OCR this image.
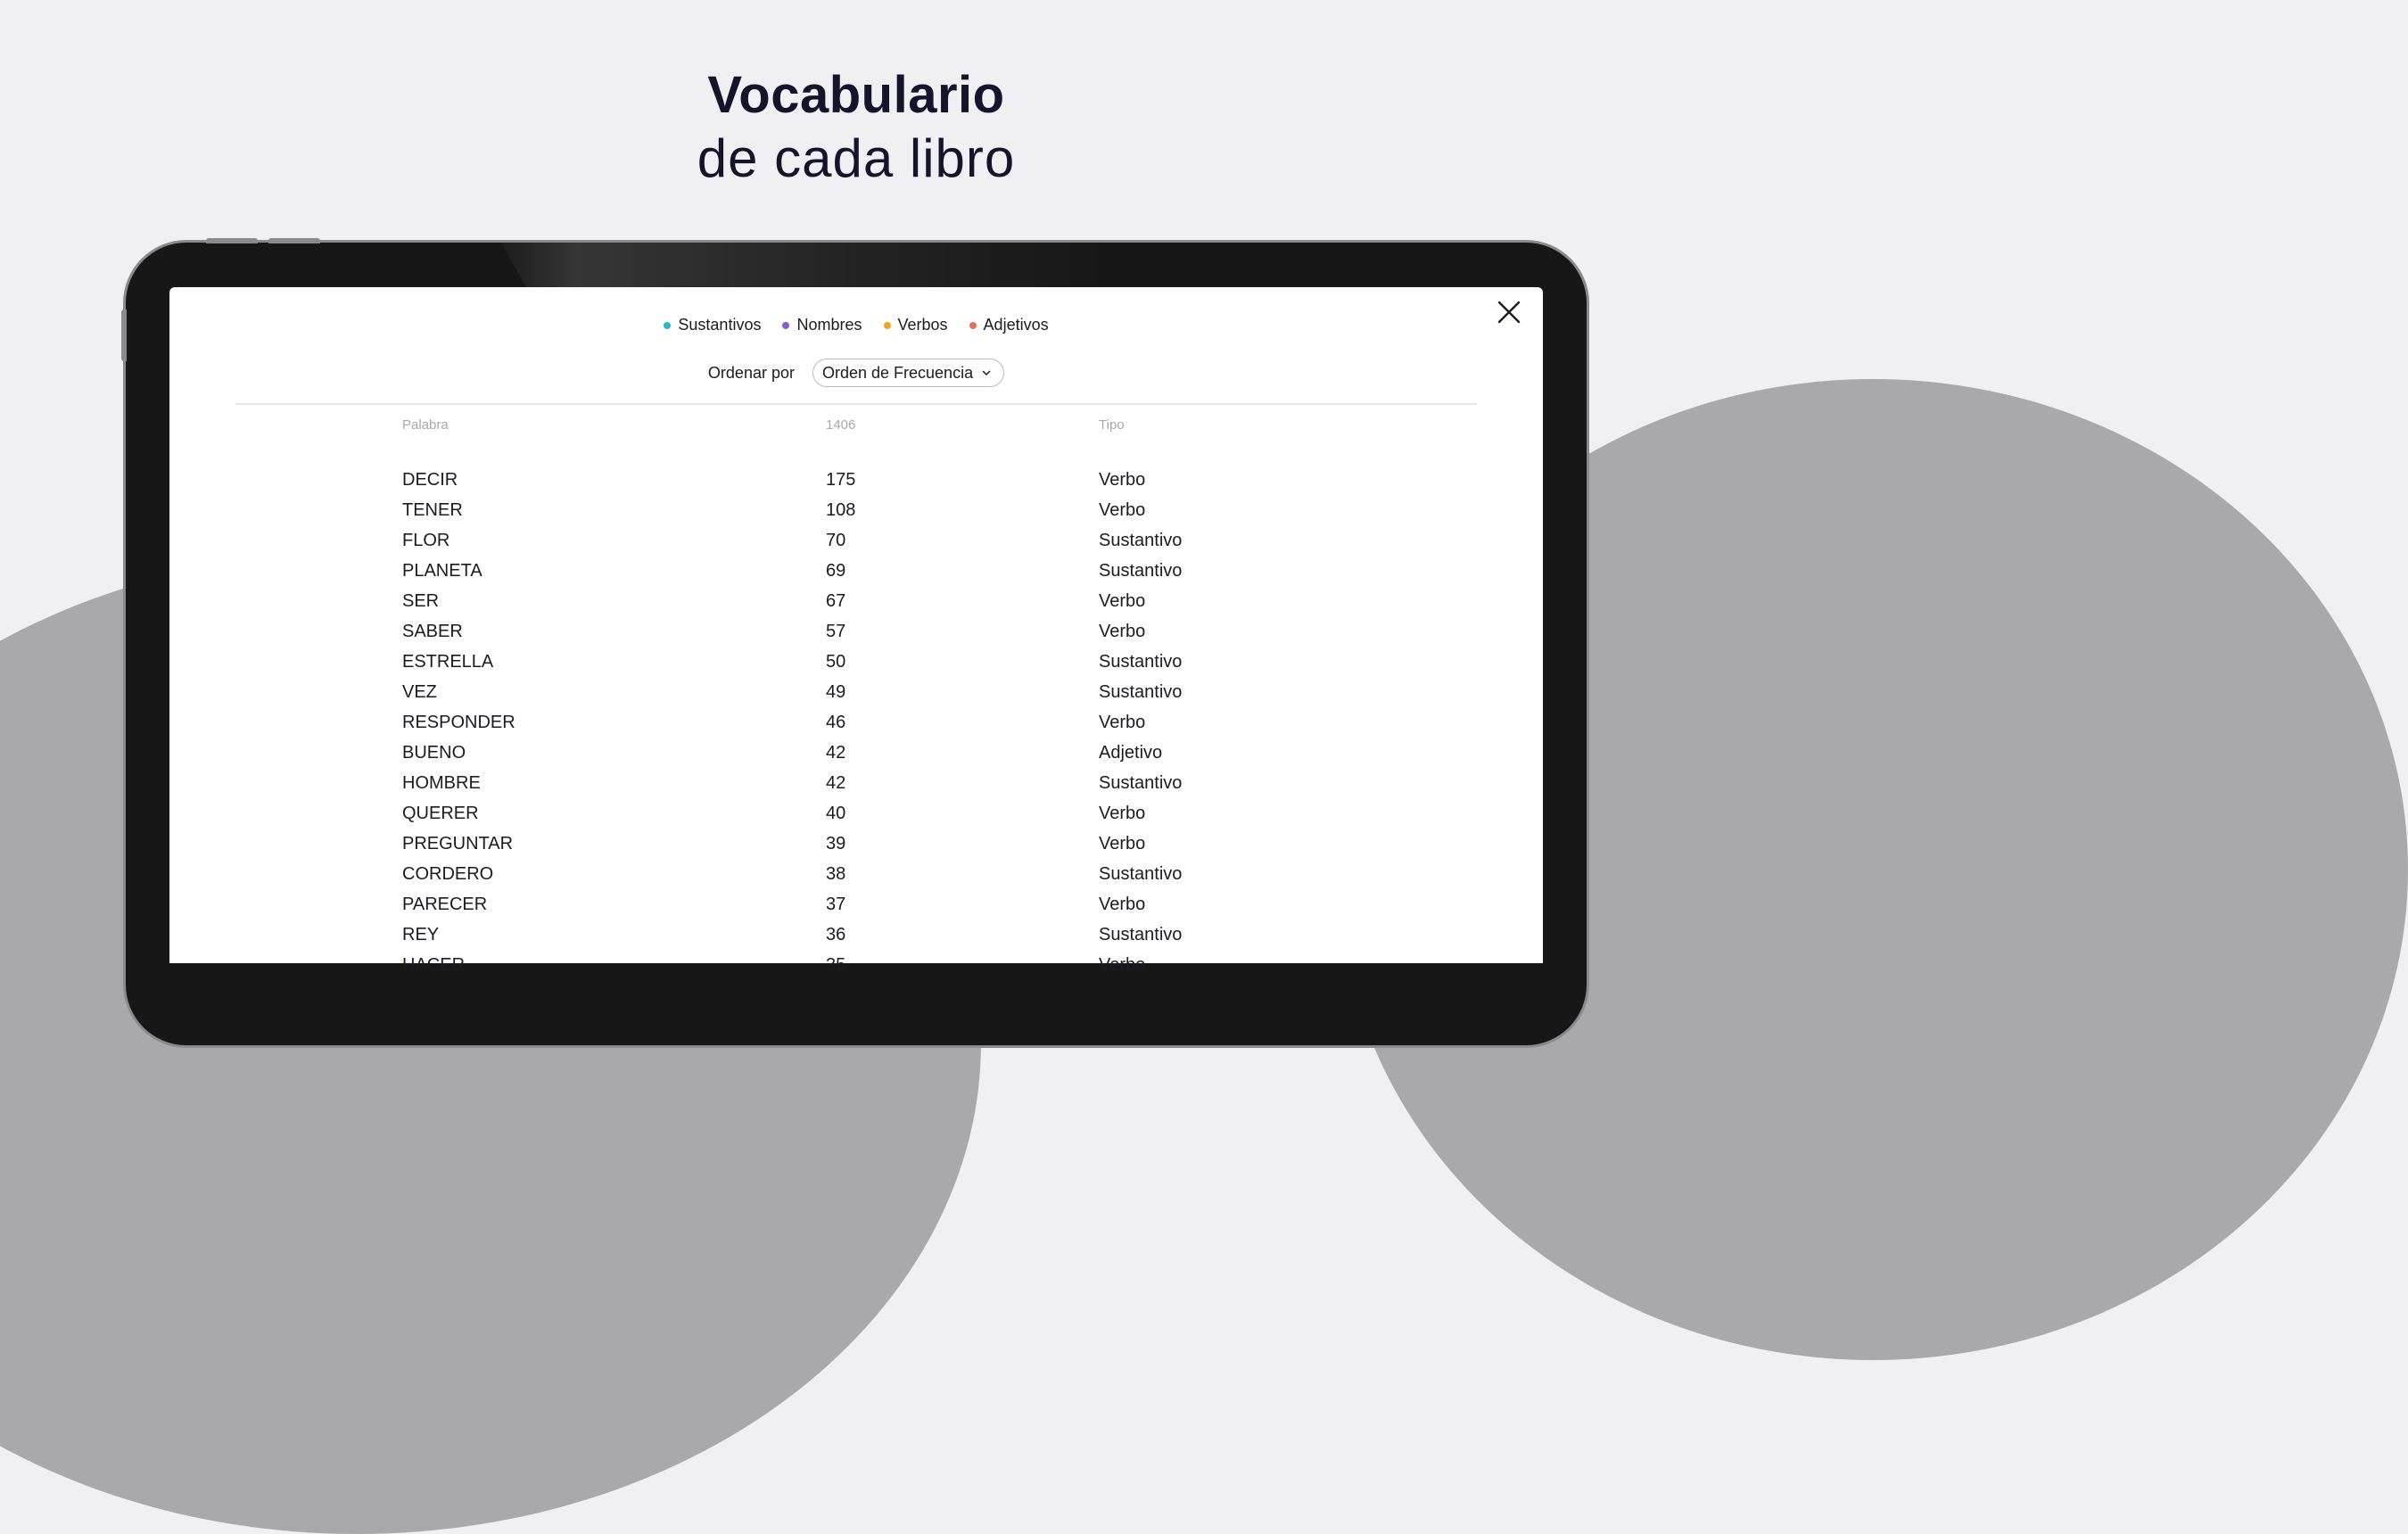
Vocabulario
de cada libro
Sustantivos Nombres Verbos Adjetivos
Ordenar por Orden de Frecuencia
Palabra	1406	Tipo
DECIR	175	Verbo
TENER	108	Verbo
FLOR	70	Sustantivo
PLANETA	69	Sustantivo
SER	67	Verbo
SABER	57	Verbo
ESTRELLA	50	Sustantivo
VEZ	49	Sustantivo
RESPONDER	46	Verbo
BUENO	42	Adjetivo
HOMBRE	42	Sustantivo
QUERER	40	Verbo
PREGUNTAR	39	Verbo
CORDERO	38	Sustantivo
PARECER	37	Verbo
REY	36	Sustantivo
HACER	35	Verbo
